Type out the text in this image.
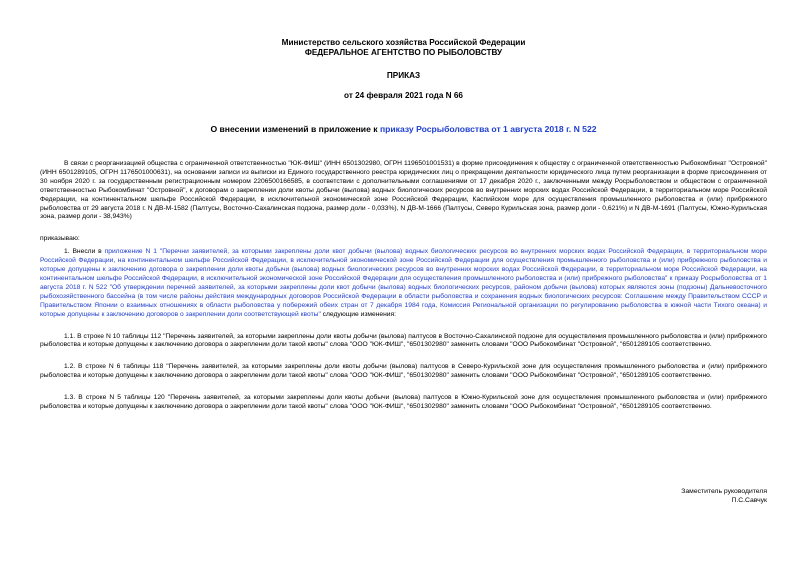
Министерство сельского хозяйства Российской Федерации
ФЕДЕРАЛЬНОЕ АГЕНТСТВО ПО РЫБОЛОВСТВУ
ПРИКАЗ
от 24 февраля 2021 года N 66
О внесении изменений в приложение к приказу Росрыболовства от 1 августа 2018 г. N 522

В связи с реорганизацией общества с ограниченной ответственностью "ЮК-ФИШ" (ИНН 6501302980, ОГРН 1196501001531) в форме присоединения к обществу с ограниченной ответственностью Рыбокомбинат "Островной" (ИНН 6501289105, ОГРН 1176501000631), на основании записи из выписки из Единого государственного реестра юридических лиц о прекращении деятельности юридического лица путем реорганизации в форме присоединения от 30 ноября 2020 г. за государственным регистрационным номером 2206500166585, в соответствии с дополнительными соглашениями от 17 декабря 2020 г., заключенными между Росрыболовством и обществом с ограниченной ответственностью Рыбокомбинат "Островной", к договорам о закреплении доли квоты добычи (вылова) водных биологических ресурсов во внутренних морских водах Российской Федерации, в территориальном море Российской Федерации, на континентальном шельфе Российской Федерации, в исключительной экономической зоне Российской Федерации, Каспийском море для осуществления промышленного рыболовства и (или) прибрежного рыболовства от 29 августа 2018 г. N ДВ-М-1582 (Палтусы, Восточно-Сахалинская подзона, размер доли - 0,033%), N ДВ-М-1666 (Палтусы, Северо Курильская зона, размер доли - 0,621%) и N ДВ-М-1691 (Палтусы, Южно-Курильская зона, размер доли - 38,943%)

приказываю:

1. Внесли в приложение N 1 "Перечни заявителей, за которыми закреплены доли квот добычи (вылова) водных биологических ресурсов во внутренних морских водах Российской Федерации, в территориальном море Российской Федерации, на континентальном шельфе Российской Федерации, в исключительной экономической зоне Российской Федерации для осуществления промышленного рыболовства и (или) прибрежного рыболовства и которые допущены к заключению договора о закреплении доли квоты добычи (вылова) водных биологических ресурсов во внутренних морских водах Российской Федерации, в территориальном море Российской Федерации, на континентальном шельфе Российской Федерации, в исключительной экономической зоне Российской Федерации для осуществления промышленного рыболовства и (или) прибрежного рыболовства" к приказу Росрыболовства от 1 августа 2018 г. N 522 "Об утверждении перечней заявителей, за которыми закреплены доли квот добычи (вылова) водных биологических ресурсов, районом добычи (вылова) которых являются зоны (подзоны) Дальневосточного рыбохозяйственного бассейна (в том числе районы действия международных договоров Российской Федерации в области рыболовства и сохранения водных биологических ресурсов: Соглашение между Правительством СССР и Правительством Японии о взаимных отношениях в области рыболовства у побережий обеих стран от 7 декабря 1984 года, Комиссия Региональной организации по регулированию рыболовства в южной части Тихого океана) и которые допущены к заключению договоров о закреплении доли соответствующей квоты" следующие изменения:

1.1. В строке N 10 таблицы 112 "Перечень заявителей, за которыми закреплены доли квоты добычи (вылова) палтусов в Восточно-Сахалинской подзоне для осуществления промышленного рыболовства и (или) прибрежного рыболовства и которые допущены к заключению договора о закреплении доли такой квоты" слова "ООО "ЮК-ФИШ", "6501302980" заменить словами "ООО Рыбокомбинат "Островной", "6501289105 соответственно.

1.2. В строке N 6 таблицы 118 "Перечень заявителей, за которыми закреплены доли квоты добычи (вылова) палтусов в Северо-Курильской зоне для осуществления промышленного рыболовства и (или) прибрежного рыболовства и которые допущены к заключению договора о закреплении доли такой квоты" слова "ООО "ЮК-ФИШ", "6501302980" заменить словами "ООО Рыбокомбинат "Островной", "6501289105 соответственно.

1.3. В строке N 5 таблицы 120 "Перечень заявителей, за которыми закреплены доли квоты добычи (вылова) палтусов в Южно-Курильской зоне для осуществления промышленного рыболовства и (или) прибрежного рыболовства и которые допущены к заключению договора о закреплении доли такой квоты" слова "ООО "ЮК-ФИШ", "6501302980" заменить словами "ООО Рыбокомбинат "Островной", "6501289105 соответственно.

Заместитель руководителя
П.С.Савчук
